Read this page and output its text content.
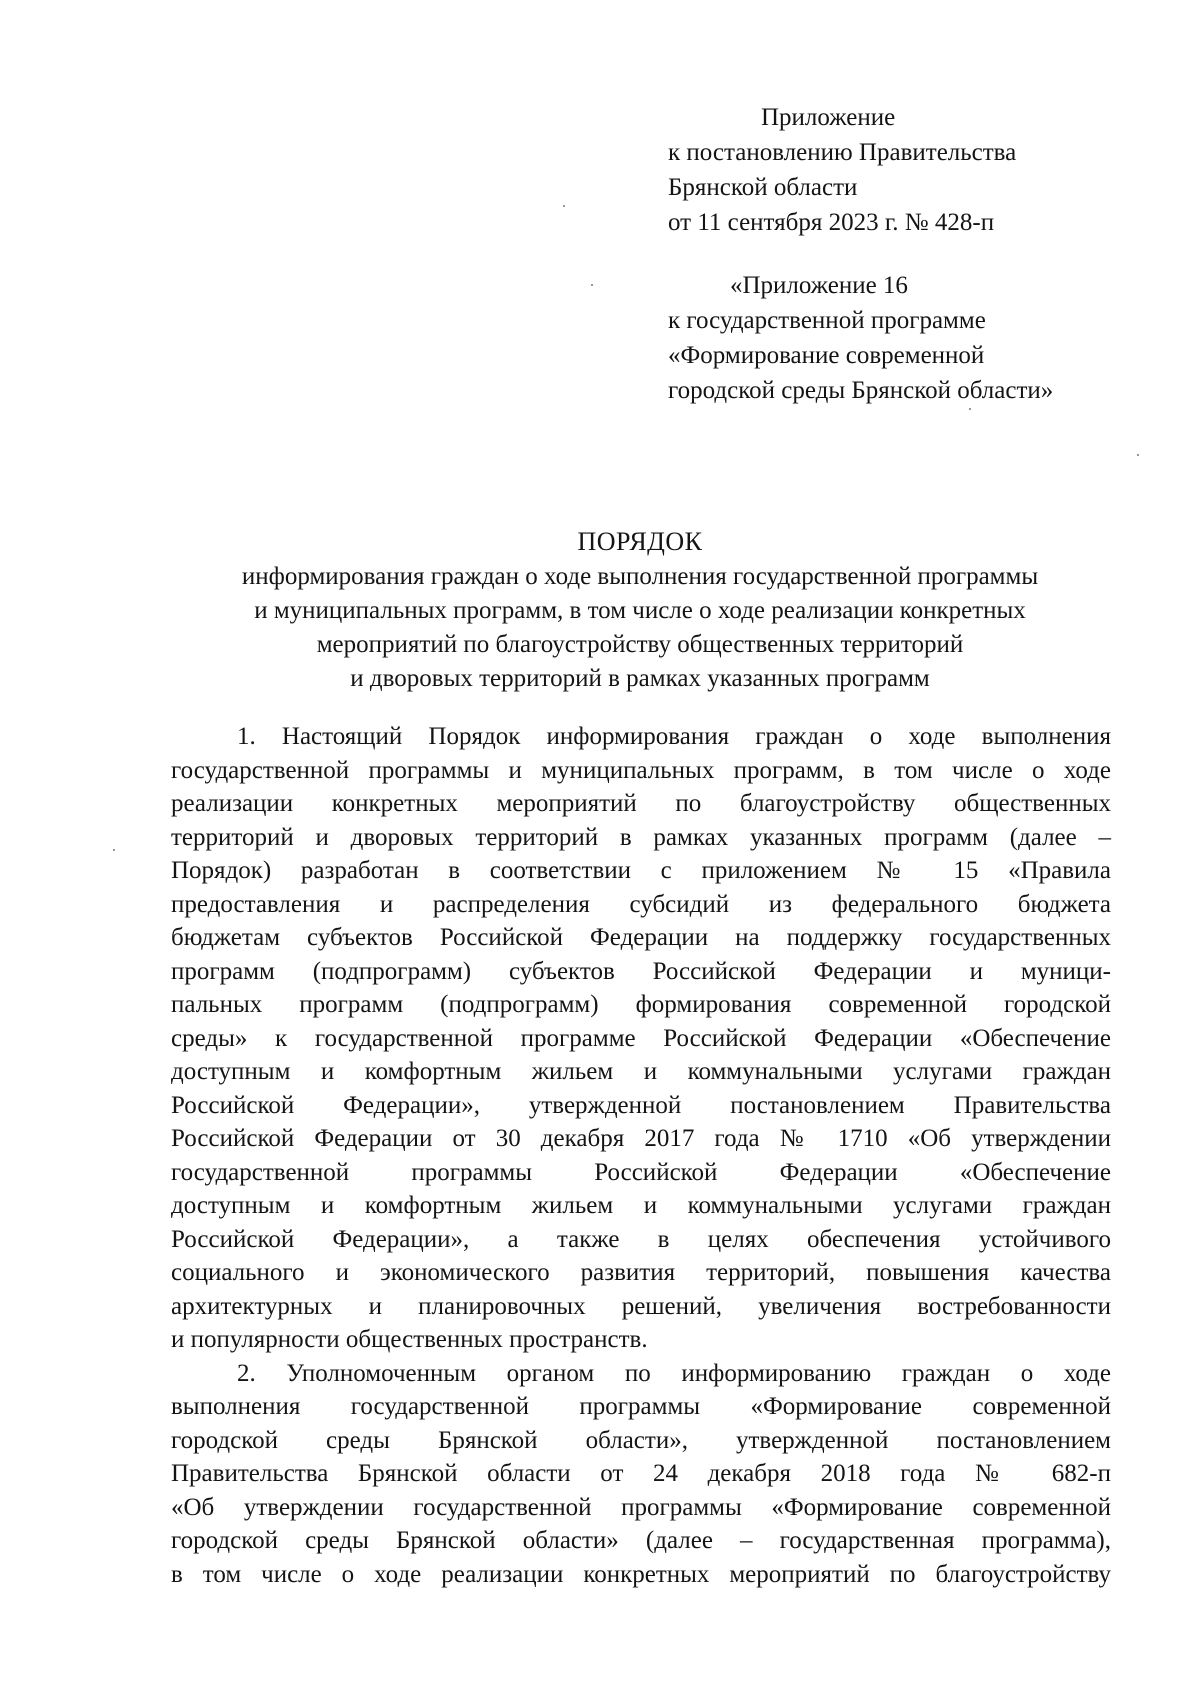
Приложение
к постановлению Правительства
Брянской области
от 11 сентября 2023 г. № 428-п
«Приложение 16
к государственной программе
«Формирование современной
городской среды Брянской области»
ПОРЯДОК
информирования граждан о ходе выполнения государственной программы
и муниципальных программ, в том числе о ходе реализации конкретных
мероприятий по благоустройству общественных территорий
и дворовых территорий в рамках указанных программ
1. Настоящий Порядок информирования граждан о ходе выполнения
государственной программы и муниципальных программ, в том числе о ходе
реализации конкретных мероприятий по благоустройству общественных
территорий и дворовых территорий в рамках указанных программ (далее –
Порядок) разработан в соответствии с приложением № 15 «Правила
предоставления и распределения субсидий из федерального бюджета
бюджетам субъектов Российской Федерации на поддержку государственных
программ (подпрограмм) субъектов Российской Федерации и муници-
пальных программ (подпрограмм) формирования современной городской
среды» к государственной программе Российской Федерации «Обеспечение
доступным и комфортным жильем и коммунальными услугами граждан
Российской Федерации», утвержденной постановлением Правительства
Российской Федерации от 30 декабря 2017 года № 1710 «Об утверждении
государственной программы Российской Федерации «Обеспечение
доступным и комфортным жильем и коммунальными услугами граждан
Российской Федерации», а также в целях обеспечения устойчивого
социального и экономического развития территорий, повышения качества
архитектурных и планировочных решений, увеличения востребованности
и популярности общественных пространств.
2. Уполномоченным органом по информированию граждан о ходе
выполнения государственной программы «Формирование современной
городской среды Брянской области», утвержденной постановлением
Правительства Брянской области от 24 декабря 2018 года № 682-п
«Об утверждении государственной программы «Формирование современной
городской среды Брянской области» (далее – государственная программа),
в том числе о ходе реализации конкретных мероприятий по благоустройству
